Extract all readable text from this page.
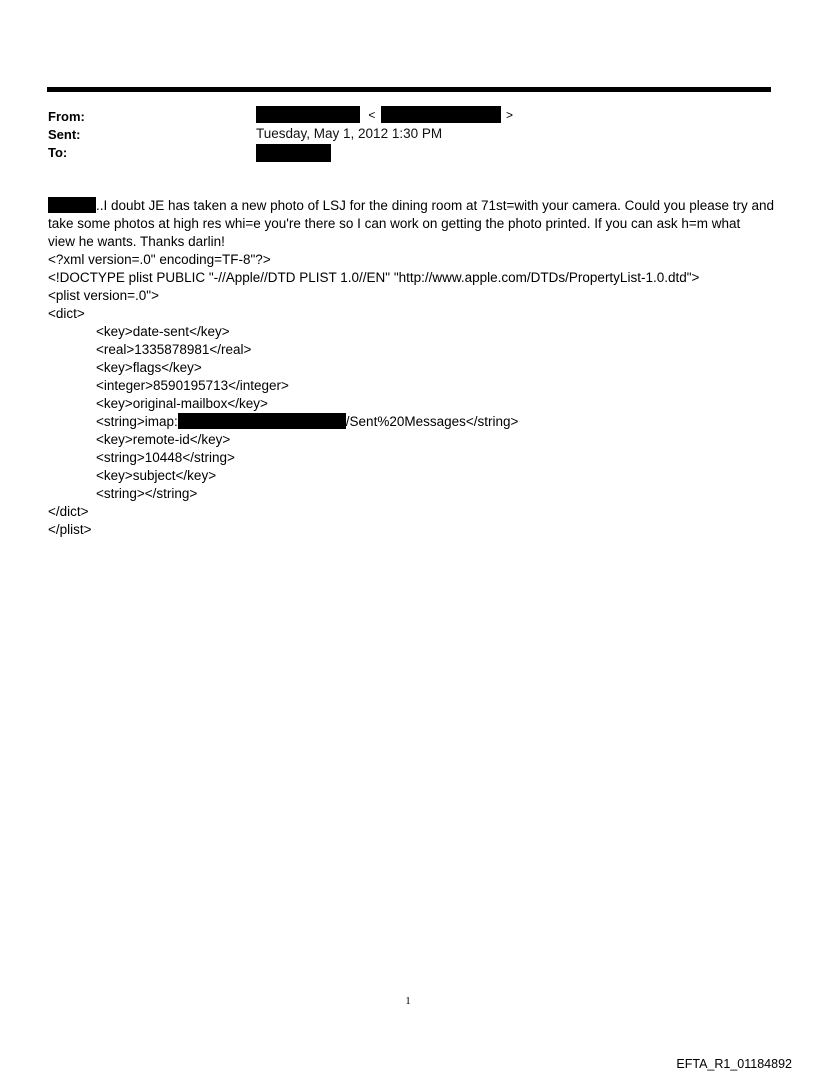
From:
Sent:
To:
<	>
Tuesday, May 1, 2012 1:30 PM
..I doubt JE has taken a new photo of LSJ for the dining room at 71st=with your camera. Could you please try and
take some photos at high res whi=e you're there so I can work on getting the photo printed. If you can ask h=m what
view he wants. Thanks darlin!
<?xml version=.0" encoding=TF-8"?>
<!DOCTYPE plist PUBLIC "-//Apple//DTD PLIST 1.0//EN" "http://www.apple.com/DTDs/PropertyList-1.0.dtd">
<plist version=.0">
<dict>
<key>date-sent</key>
<real>1335878981</real>
<key>flags</key>
<integer>8590195713</integer>
<key>original-mailbox</key>
<string>imap:	/Sent%20Messages</string>
<key>remote-id</key>
<string>10448</string>
<key>subject</key>
<string></string>
</dict>
</plist>
1
EFTA_R1_01184892
